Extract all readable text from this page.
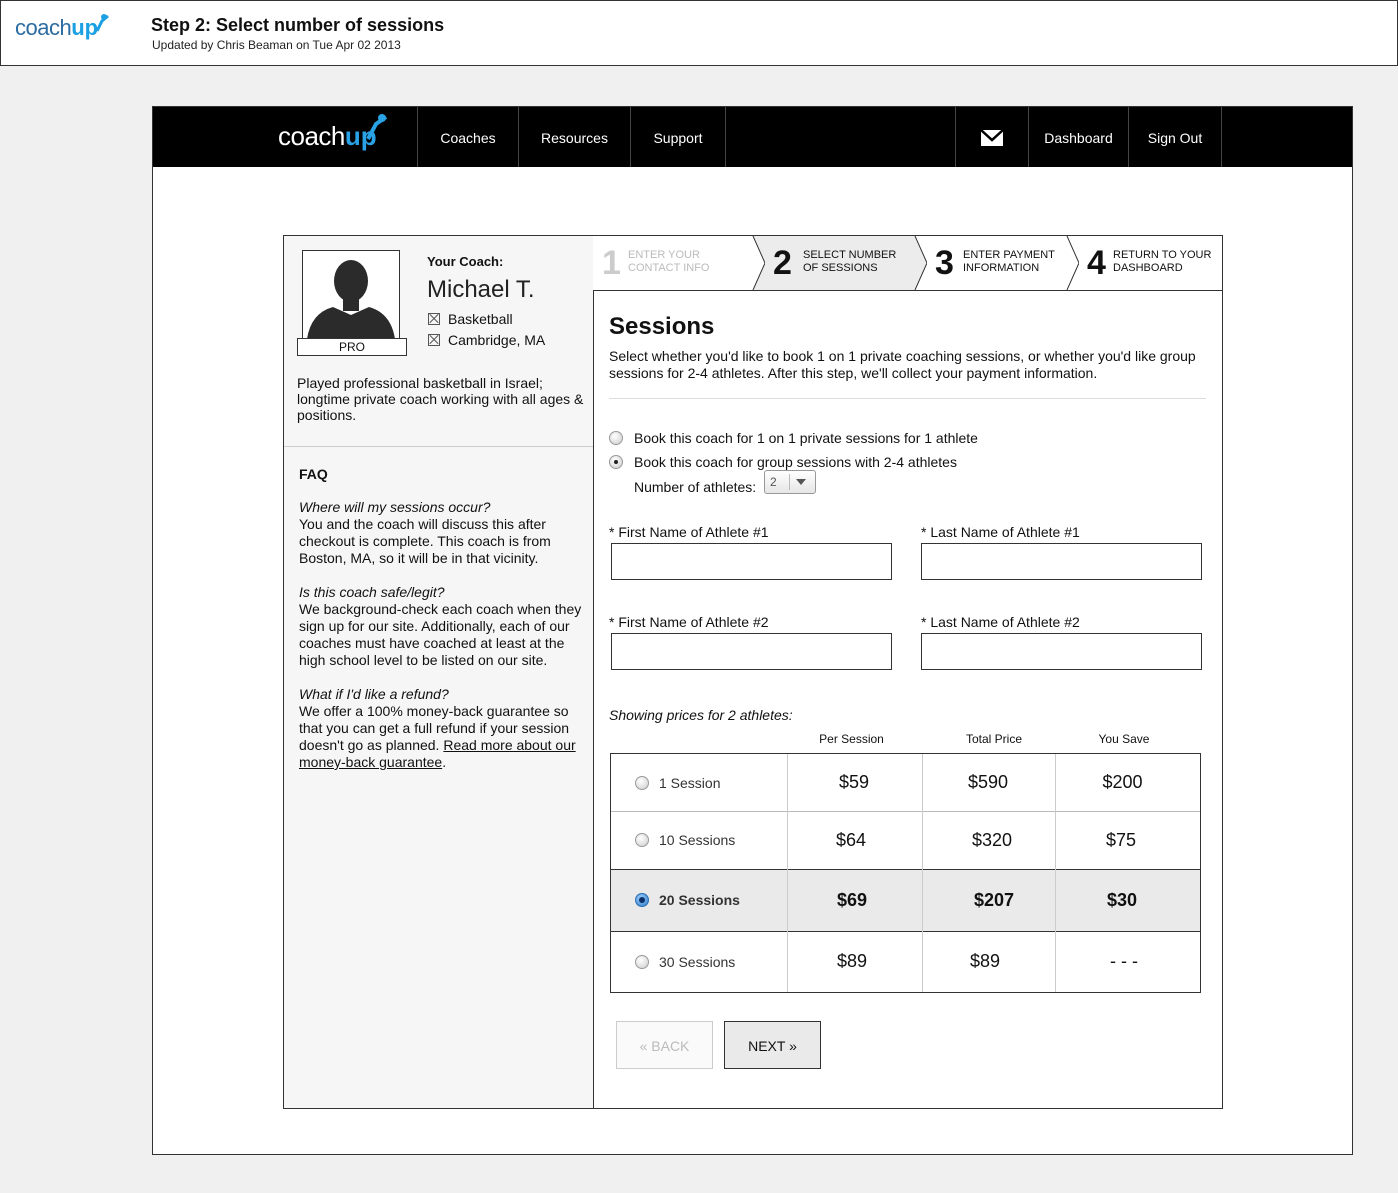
coachup	Step 2: Select number of sessions
Updated by Chris Beaman on Tue Apr 02 2013
coachup	Coaches	Resources	Support	Dashboard	Sign Out
PRO
Your Coach:
Michael T.
Basketball
Cambridge, MA
Played professional basketball in Israel; longtime private coach working with all ages & positions.
FAQ
Where will my sessions occur?
You and the coach will discuss this after checkout is complete. This coach is from Boston, MA, so it will be in that vicinity.
Is this coach safe/legit?
We background-check each coach when they sign up for our site. Additionally, each of our coaches must have coached at least at the high school level to be listed on our site.
What if I'd like a refund?
We offer a 100% money-back guarantee so that you can get a full refund if your session doesn't go as planned. Read more about our money-back guarantee.
1 ENTER YOUR
CONTACT INFO 2 SELECT NUMBER
OF SESSIONS	3 ENTER PAYMENT
INFORMATION	4 RETURN TO YOUR
DASHBOARD
Sessions
Select whether you'd like to book 1 on 1 private coaching sessions, or whether you'd like group sessions for 2-4 athletes. After this step, we'll collect your payment information.
Book this coach for 1 on 1 private sessions for 1 athlete
Book this coach for group sessions with 2-4 athletes
Number of athletes: 2
* First Name of Athlete #1	* Last Name of Athlete #1
* First Name of Athlete #2	* Last Name of Athlete #2
Showing prices for 2 athletes:
Per Session	Total Price	You Save
1 Session	$59	$590	$200
10 Sessions	$64	$320	$75
20 Sessions	$69	$207	$30
30 Sessions	$89	$89	- - -
« BACK	NEXT »
